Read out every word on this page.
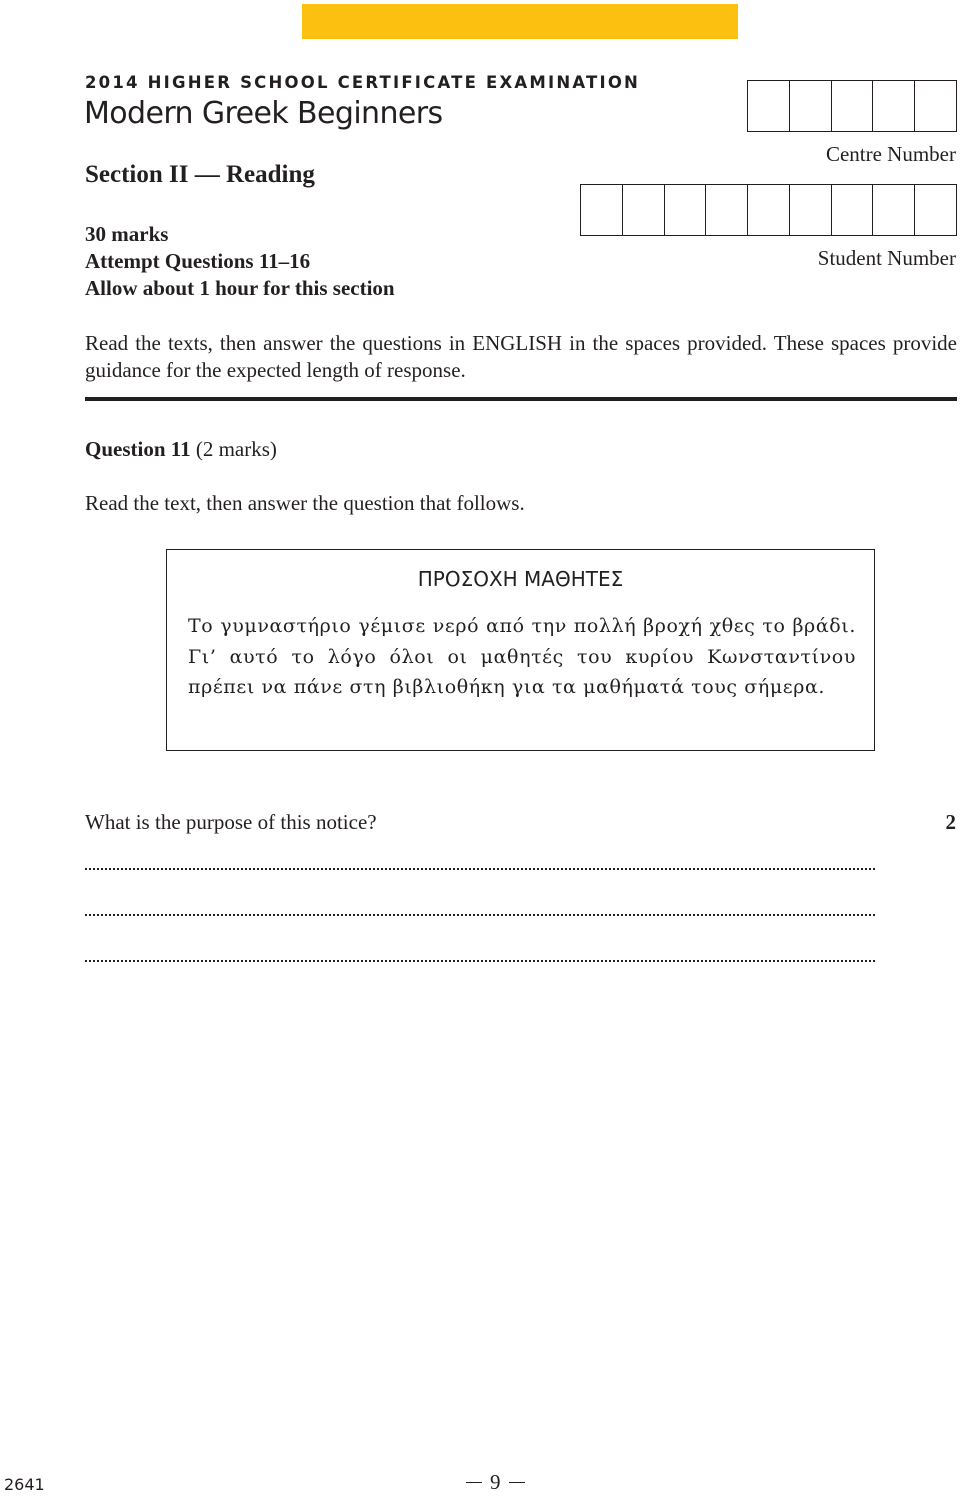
2014 HIGHER SCHOOL CERTIFICATE EXAMINATION
Modern Greek Beginners
Section II — Reading
30 marks
Attempt Questions 11–16
Allow about 1 hour for this section
Centre Number
Student Number
Read the texts, then answer the questions in ENGLISH in the spaces provided. These spaces provide guidance for the expected length of response.
Question 11 (2 marks)
Read the text, then answer the question that follows.
ΠΡΟΣΟΧΗ ΜΑΘΗΤΕΣ
Το γυμναστήριο γέμισε νερό από την πολλή βροχή χθες το βράδι. Γι’ αυτό το λόγο όλοι οι μαθητές του κυρίου Κωνσταντίνου πρέπει να πάνε στη βιβλιοθήκη για τα μαθήματά τους σήμερα.
What is the purpose of this notice?	2
2641	9
